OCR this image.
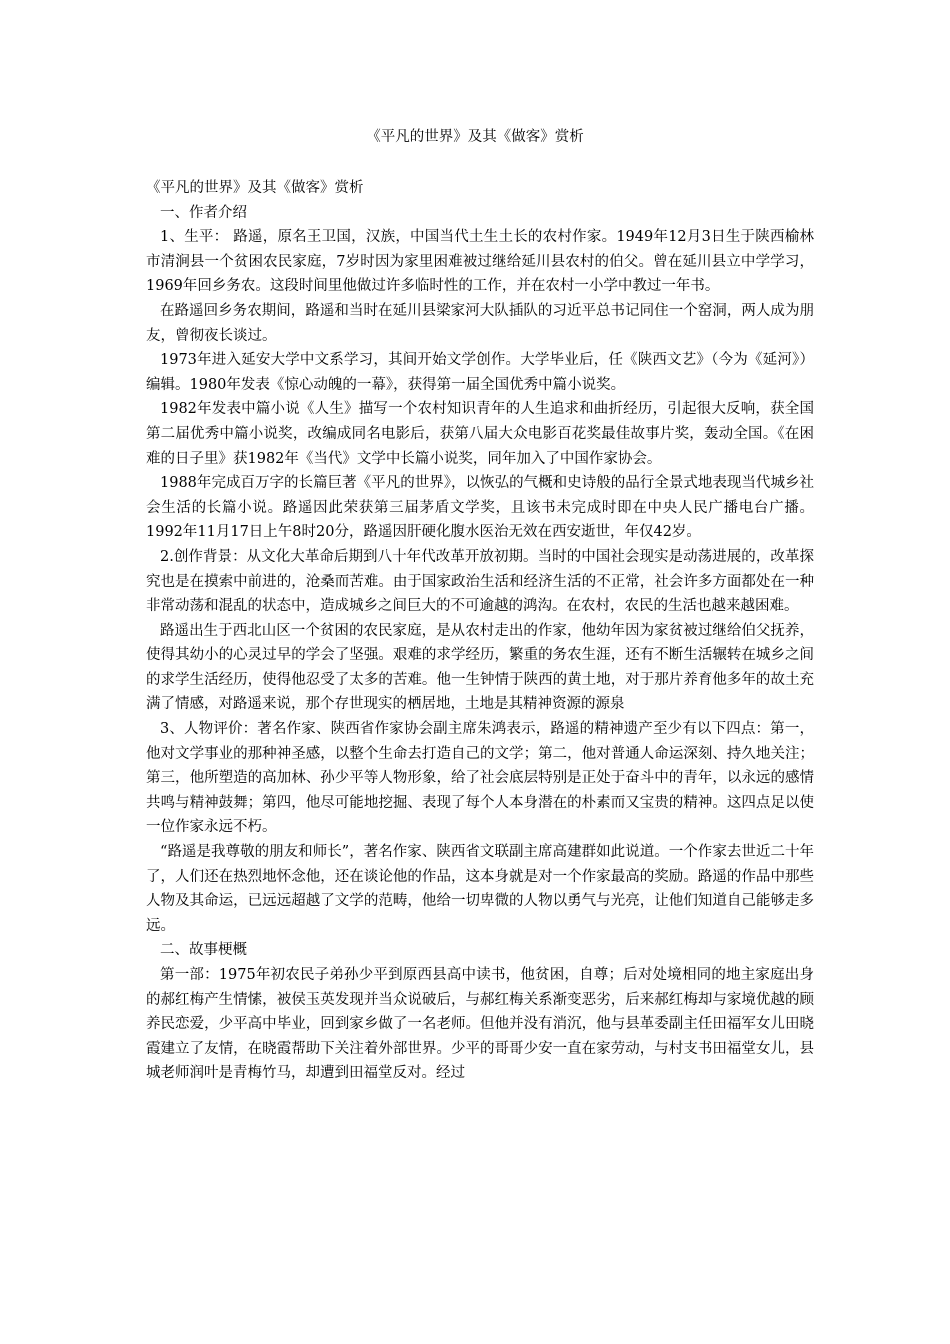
《平凡的世界》及其《做客》赏析

《平凡的世界》及其《做客》赏析

一、作者介绍

1、生平： 路遥，原名王卫国，汉族，中国当代土生土长的农村作家。1949年12月3日生于陕西榆林市清涧县一个贫困农民家庭，7岁时因为家里困难被过继给延川县农村的伯父。曾在延川县立中学学习，1969年回乡务农。这段时间里他做过许多临时性的工作，并在农村一小学中教过一年书。

在路遥回乡务农期间，路遥和当时在延川县梁家河大队插队的习近平总书记同住一个窑洞，两人成为朋友，曾彻夜长谈过。

1973年进入延安大学中文系学习，其间开始文学创作。大学毕业后，任《陕西文艺》（今为《延河》）编辑。1980年发表《惊心动魄的一幕》，获得第一届全国优秀中篇小说奖。

1982年发表中篇小说《人生》描写一个农村知识青年的人生追求和曲折经历，引起很大反响，获全国第二届优秀中篇小说奖，改编成同名电影后，获第八届大众电影百花奖最佳故事片奖，轰动全国。《在困难的日子里》获1982年《当代》文学中长篇小说奖，同年加入了中国作家协会。

1988年完成百万字的长篇巨著《平凡的世界》，以恢弘的气概和史诗般的品行全景式地表现当代城乡社会生活的长篇小说。路遥因此荣获第三届茅盾文学奖，且该书未完成时即在中央人民广播电台广播。1992年11月17日上午8时20分，路遥因肝硬化腹水医治无效在西安逝世，年仅42岁。

2.创作背景：从文化大革命后期到八十年代改革开放初期。当时的中国社会现实是动荡进展的，改革探究也是在摸索中前进的，沧桑而苦难。由于国家政治生活和经济生活的不正常，社会许多方面都处在一种非常动荡和混乱的状态中，造成城乡之间巨大的不可逾越的鸿沟。在农村，农民的生活也越来越困难。

路遥出生于西北山区一个贫困的农民家庭，是从农村走出的作家，他幼年因为家贫被过继给伯父抚养，使得其幼小的心灵过早的学会了坚强。艰难的求学经历，繁重的务农生涯，还有不断生活辗转在城乡之间的求学生活经历，使得他忍受了太多的苦难。他一生钟情于陕西的黄土地，对于那片养育他多年的故土充满了情感，对路遥来说，那个存世现实的栖居地，土地是其精神资源的源泉

3、人物评价：著名作家、陕西省作家协会副主席朱鸿表示，路遥的精神遗产至少有以下四点：第一，他对文学事业的那种神圣感，以整个生命去打造自己的文学；第二，他对普通人命运深刻、持久地关注；第三，他所塑造的高加林、孙少平等人物形象，给了社会底层特别是正处于奋斗中的青年，以永远的感情共鸣与精神鼓舞；第四，他尽可能地挖掘、表现了每个人本身潜在的朴素而又宝贵的精神。这四点足以使一位作家永远不朽。

“路遥是我尊敬的朋友和师长”，著名作家、陕西省文联副主席高建群如此说道。一个作家去世近二十年了，人们还在热烈地怀念他，还在谈论他的作品，这本身就是对一个作家最高的奖励。路遥的作品中那些人物及其命运，已远远超越了文学的范畴，他给一切卑微的人物以勇气与光亮，让他们知道自己能够走多远。

二、故事梗概

第一部：1975年初农民子弟孙少平到原西县高中读书，他贫困，自尊；后对处境相同的地主家庭出身的郝红梅产生情愫，被侯玉英发现并当众说破后，与郝红梅关系渐变恶劣，后来郝红梅却与家境优越的顾养民恋爱，少平高中毕业，回到家乡做了一名老师。但他并没有消沉，他与县革委副主任田福军女儿田晓霞建立了友情，在晓霞帮助下关注着外部世界。少平的哥哥少安一直在家劳动，与村支书田福堂女儿，县城老师润叶是青梅竹马，却遭到田福堂反对。经过
